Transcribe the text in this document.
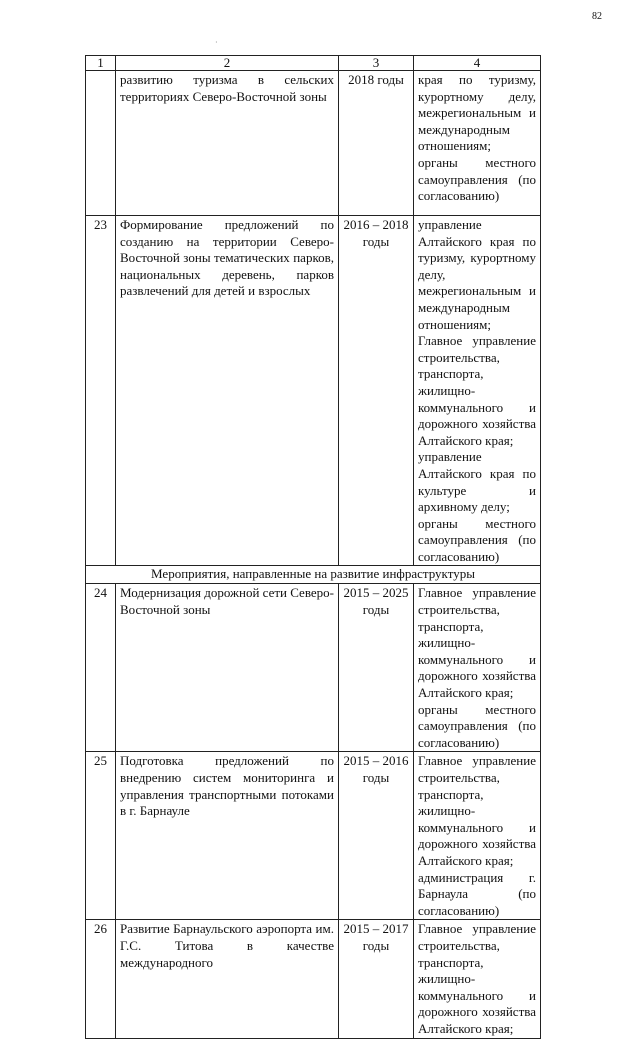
82
·
1	2	3	4
	развитию туризма в сельских территориях Северо-Восточной зоны	2018 годы	края по туризму, курортному делу, межрегиональным и международным отношениям;
органы местного самоуправления (по согласованию)

23	Формирование предложений по созданию на территории Северо-Восточной зоны тематических парков, национальных деревень, парков развлечений для детей и взрослых	2016 – 2018 годы	управление Алтайского края по туризму, курортному делу, межрегиональным и международным отношениям;
Главное управление строительства, транспорта, жилищно-коммунального и дорожного хозяйства Алтайского края;
управление Алтайского края по культуре и архивному делу;
органы местного самоуправления (по согласованию)

Мероприятия, направленные на развитие инфраструктуры			
24	Модернизация дорожной сети Северо-Восточной зоны	2015 – 2025 годы	Главное управление строительства, транспорта, жилищно-коммунального и дорожного хозяйства Алтайского края;
органы местного самоуправления (по согласованию)

25	Подготовка предложений по внедрению систем мониторинга и управления транспортными потоками в г. Барнауле	2015 – 2016 годы	Главное управление строительства, транспорта, жилищно-коммунального и дорожного хозяйства Алтайского края;
администрация г. Барнаула (по согласованию)

26	Развитие Барнаульского аэропорта им. Г.С. Титова в качестве международного	2015 – 2017 годы	Главное управление строительства, транспорта, жилищно-коммунального и дорожного хозяйства Алтайского края;
